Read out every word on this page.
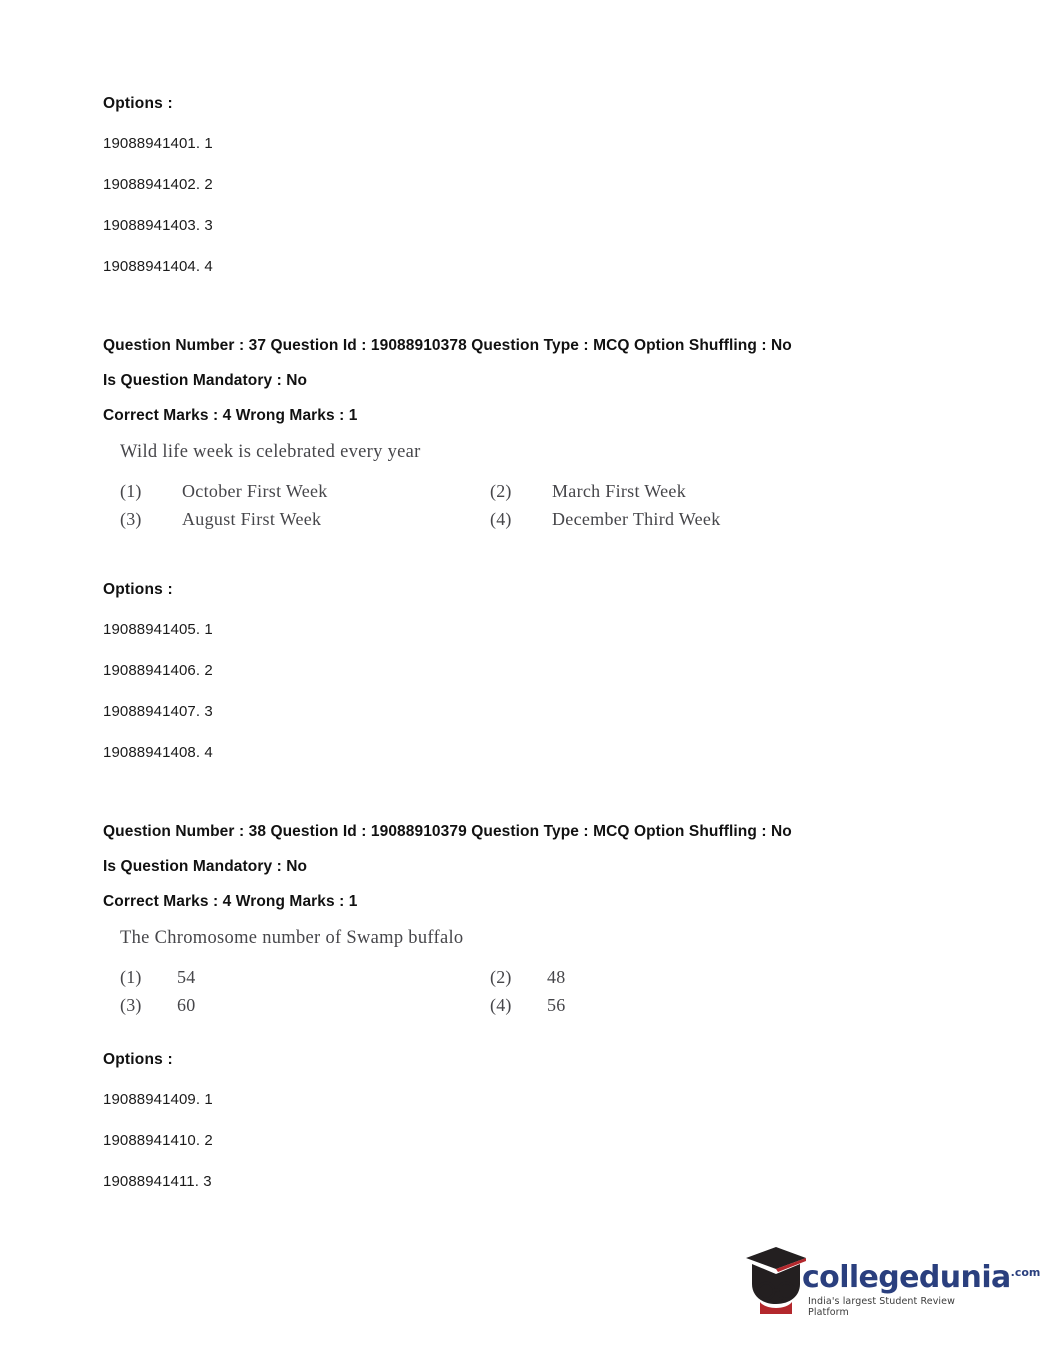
Options :

19088941401. 1

19088941402. 2

19088941403. 3

19088941404. 4

Question Number : 37 Question Id : 19088910378 Question Type : MCQ Option Shuffling : No

Is Question Mandatory : No

Correct Marks : 4 Wrong Marks : 1

Wild life week is celebrated every year

(1)	October First Week	(2)	March First Week
(3)	August First Week	(4)	December Third Week

Options :

19088941405. 1

19088941406. 2

19088941407. 3

19088941408. 4

Question Number : 38 Question Id : 19088910379 Question Type : MCQ Option Shuffling : No

Is Question Mandatory : No

Correct Marks : 4 Wrong Marks : 1

The Chromosome number of Swamp buffalo

(1)	54	(2)	48
(3)	60	(4)	56

Options :

19088941409. 1

19088941410. 2

19088941411. 3

collegedunia$^{.com}$
India's largest Student Review Platform
